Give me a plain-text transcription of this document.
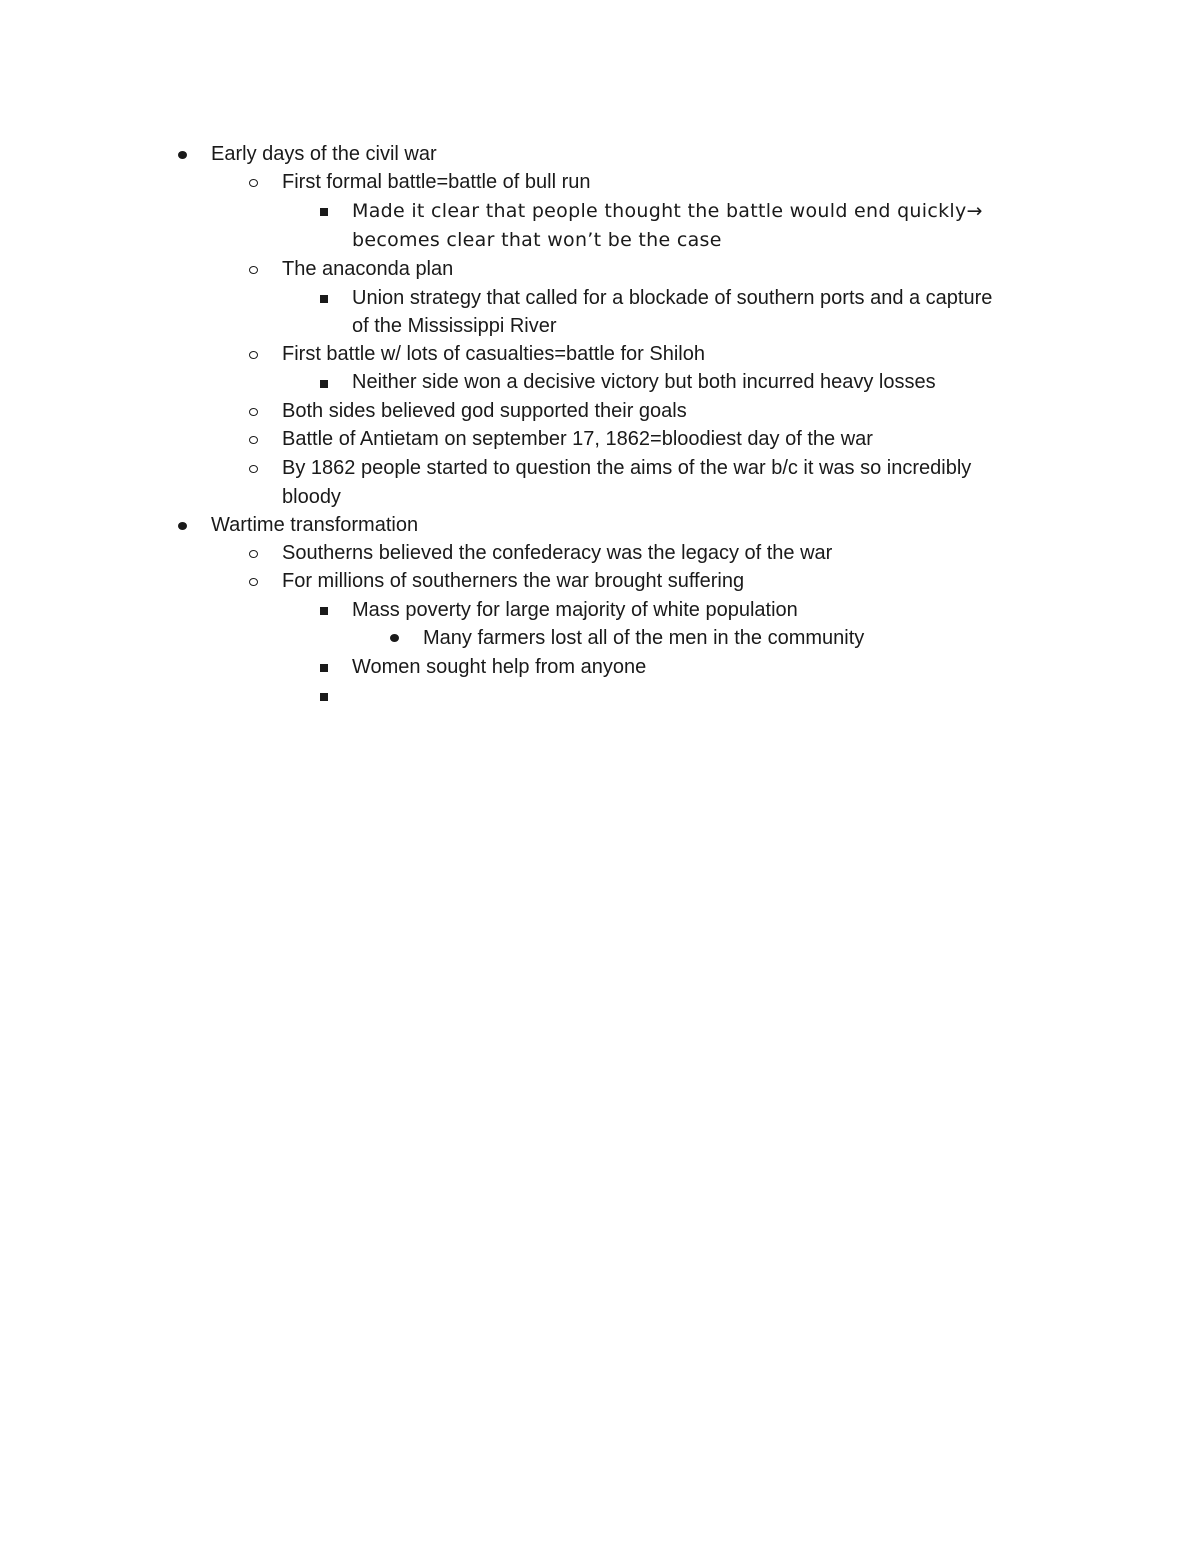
Early days of the civil war
First formal battle=battle of bull run
Made it clear that people thought the battle would end quickly→
becomes clear that won’t be the case
The anaconda plan
Union strategy that called for a blockade of southern ports and a capture
of the Mississippi River
First battle w/ lots of casualties=battle for Shiloh
Neither side won a decisive victory but both incurred heavy losses
Both sides believed god supported their goals
Battle of Antietam on september 17, 1862=bloodiest day of the war
By 1862 people started to question the aims of the war b/c it was so incredibly
bloody
Wartime transformation
Southerns believed the confederacy was the legacy of the war
For millions of southerners the war brought suffering
Mass poverty for large majority of white population
Many farmers lost all of the men in the community
Women sought help from anyone
